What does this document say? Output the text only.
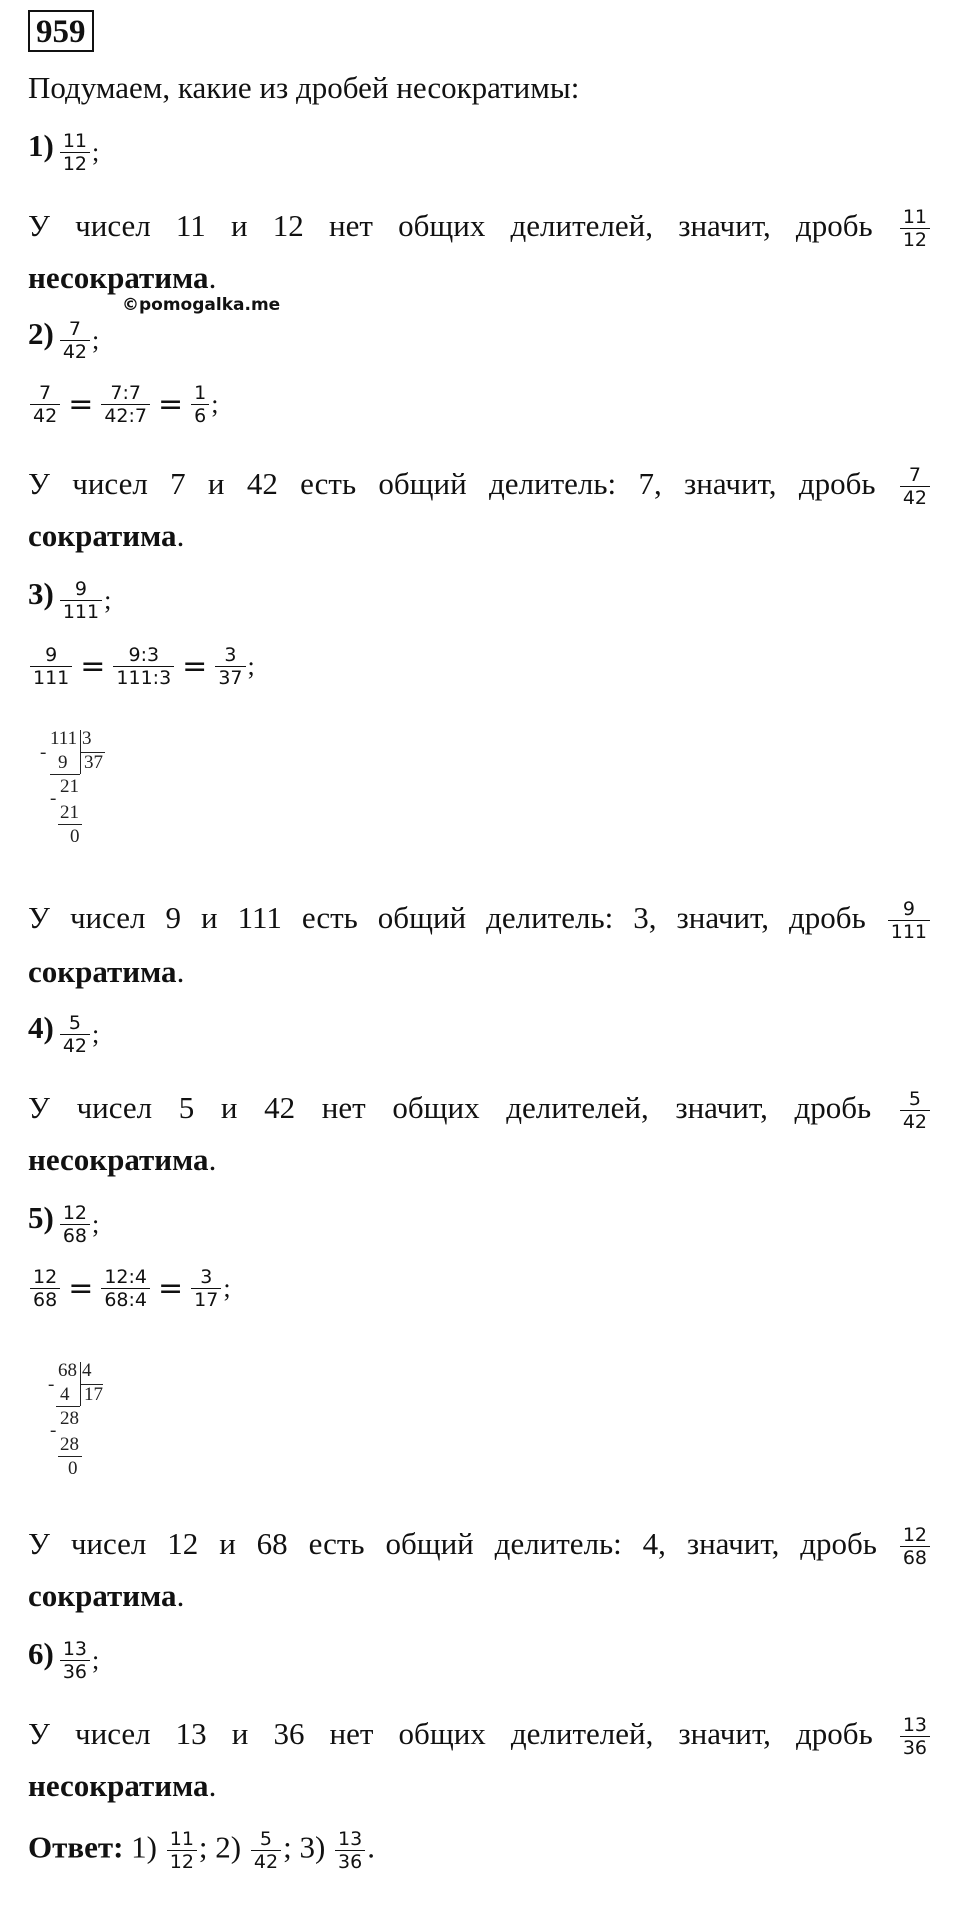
959
Подумаем, какие из дробей несократимы:
$1) \frac{11}{12}$ ;
У чисел 11 и 12 нет общих делителей, значит, дробь $\frac{11}{12}$
несократима.
©pomogalka.me
$2) \frac{7}{42}$ ;
$\frac{7}{42} = \frac{7:7}{42:7} = \frac{1}{6}$ ;
У чисел 7 и 42 есть общий делитель: 7, значит, дробь $\frac{7}{42}$
сократима.
$3) \frac{9}{111}$ ;
$\frac{9}{111} = \frac{9:3}{111:3} = \frac{3}{37}$ ;
111 3
37
- 9
21
-
21
0
У чисел 9 и 111 есть общий делитель: 3, значит, дробь $\frac{9}{111}$
сократима.
$4) \frac{5}{42}$ ;
У чисел 5 и 42 нет общих делителей, значит, дробь $\frac{5}{42}$
несократима.
$5) \frac{12}{68}$ ;
$\frac{12}{68} = \frac{12:4}{68:4} = \frac{3}{17}$ ;
68 4
17
- 4
28
-
28
0
У чисел 12 и 68 есть общий делитель: 4, значит, дробь $\frac{12}{68}$
сократима.
$6) \frac{13}{36}$ ;
У чисел 13 и 36 нет общих делителей, значит, дробь $\frac{13}{36}$
несократима.
Ответ: $1) \frac{11}{12}$ ; $2) \frac{5}{42}$ ; $3) \frac{13}{36}$ .
